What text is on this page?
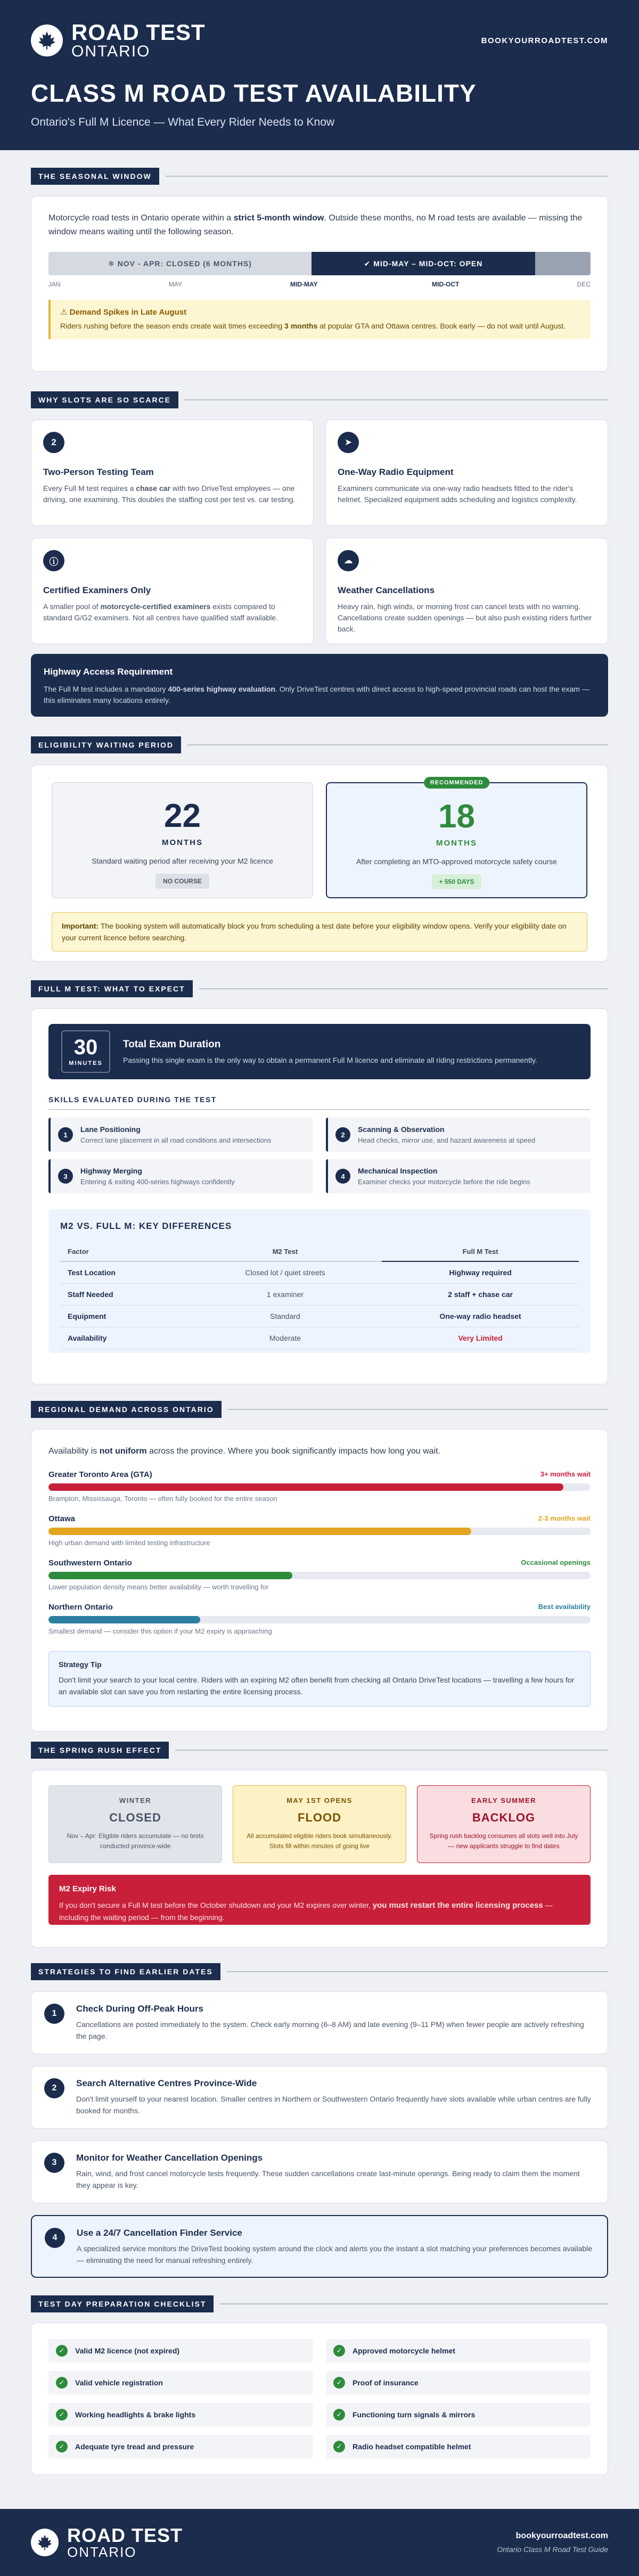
ROAD TEST
ONTARIO
BOOKYOURROADTEST.COM
CLASS M ROAD TEST AVAILABILITY
Ontario's Full M Licence — What Every Rider Needs to Know
THE SEASONAL WINDOW

Motorcycle road tests in Ontario operate within a strict 5-month window. Outside these months, no M road tests are available — missing the window means waiting until the following season.

❄ NOV - APR: CLOSED (6 MONTHS)	✔ MID-MAY – MID-OCT: OPEN
JAN	MAY	MID-MAY	MID-OCT	DEC
⚠ Demand Spikes in Late August
Riders rushing before the season ends create wait times exceeding 3 months at popular GTA and Ottawa centres. Book early — do not wait until August.
WHY SLOTS ARE SO SCARCE
2
Two-Person Testing Team

Every Full M test requires a chase car with two DriveTest employees — one driving, one examining. This doubles the staffing cost per test vs. car testing.

➤
One-Way Radio Equipment

Examiners communicate via one-way radio headsets fitted to the rider's helmet. Specialized equipment adds scheduling and logistics complexity.

ⓘ
Certified Examiners Only

A smaller pool of motorcycle-certified examiners exists compared to standard G/G2 examiners. Not all centres have qualified staff available.

☁
Weather Cancellations

Heavy rain, high winds, or morning frost can cancel tests with no warning. Cancellations create sudden openings — but also push existing riders further back.

Highway Access Requirement

The Full M test includes a mandatory 400-series highway evaluation. Only DriveTest centres with direct access to high-speed provincial roads can host the exam — this eliminates many locations entirely.

ELIGIBILITY WAITING PERIOD
22
MONTHS
Standard waiting period after receiving your M2 licence
NO COURSE
RECOMMENDED
18
MONTHS
After completing an MTO-approved motorcycle safety course
+ 550 DAYS
Important: The booking system will automatically block you from scheduling a test date before your eligibility window opens. Verify your eligibility date on your current licence before searching.
FULL M TEST: WHAT TO EXPECT
30
MINUTES
Total Exam Duration

Passing this single exam is the only way to obtain a permanent Full M licence and eliminate all riding restrictions permanently.

SKILLS EVALUATED DURING THE TEST
1
Lane Positioning
Correct lane placement in all road conditions and intersections
2
Scanning & Observation
Head checks, mirror use, and hazard awareness at speed
3
Highway Merging
Entering & exiting 400-series highways confidently
4
Mechanical Inspection
Examiner checks your motorcycle before the ride begins
M2 VS. FULL M: KEY DIFFERENCES
Factor	M2 Test	Full M Test
Test Location	Closed lot / quiet streets	Highway required
Staff Needed	1 examiner	2 staff + chase car
Equipment	Standard	One-way radio headset
Availability	Moderate	Very Limited
REGIONAL DEMAND ACROSS ONTARIO

Availability is not uniform across the province. Where you book significantly impacts how long you wait.

Greater Toronto Area (GTA)	3+ months wait
Brampton, Mississauga, Toronto — often fully booked for the entire season
Ottawa	2-3 months wait
High urban demand with limited testing infrastructure
Southwestern Ontario	Occasional openings
Lower population density means better availability — worth travelling for
Northern Ontario	Best availability
Smallest demand — consider this option if your M2 expiry is approaching
Strategy Tip

Don't limit your search to your local centre. Riders with an expiring M2 often benefit from checking all Ontario DriveTest locations — travelling a few hours for an available slot can save you from restarting the entire licensing process.

THE SPRING RUSH EFFECT
WINTER
CLOSED
Nov – Apr: Eligible riders accumulate — no tests conducted province-wide
MAY 1ST OPENS
FLOOD
All accumulated eligible riders book simultaneously. Slots fill within minutes of going live
EARLY SUMMER
BACKLOG
Spring rush backlog consumes all slots well into July — new applicants struggle to find dates
M2 Expiry Risk

If you don't secure a Full M test before the October shutdown and your M2 expires over winter, you must restart the entire licensing process — including the waiting period — from the beginning.

STRATEGIES TO FIND EARLIER DATES
1	Check During Off-Peak Hours

Cancellations are posted immediately to the system. Check early morning (6–8 AM) and late evening (9–11 PM) when fewer people are actively refreshing the page.

2	Search Alternative Centres Province-Wide

Don't limit yourself to your nearest location. Smaller centres in Northern or Southwestern Ontario frequently have slots available while urban centres are fully booked for months.

3	Monitor for Weather Cancellation Openings

Rain, wind, and frost cancel motorcycle tests frequently. These sudden cancellations create last-minute openings. Being ready to claim them the moment they appear is key.

4	Use a 24/7 Cancellation Finder Service

A specialized service monitors the DriveTest booking system around the clock and alerts you the instant a slot matching your preferences becomes available — eliminating the need for manual refreshing entirely.

TEST DAY PREPARATION CHECKLIST
✓	Valid M2 licence (not expired)	✓	Approved motorcycle helmet
✓	Valid vehicle registration	✓	Proof of insurance
✓	Working headlights & brake lights	✓	Functioning turn signals & mirrors
✓	Adequate tyre tread and pressure	✓	Radio headset compatible helmet
ROAD TEST
ONTARIO
bookyourroadtest.com
Ontario Class M Road Test Guide
